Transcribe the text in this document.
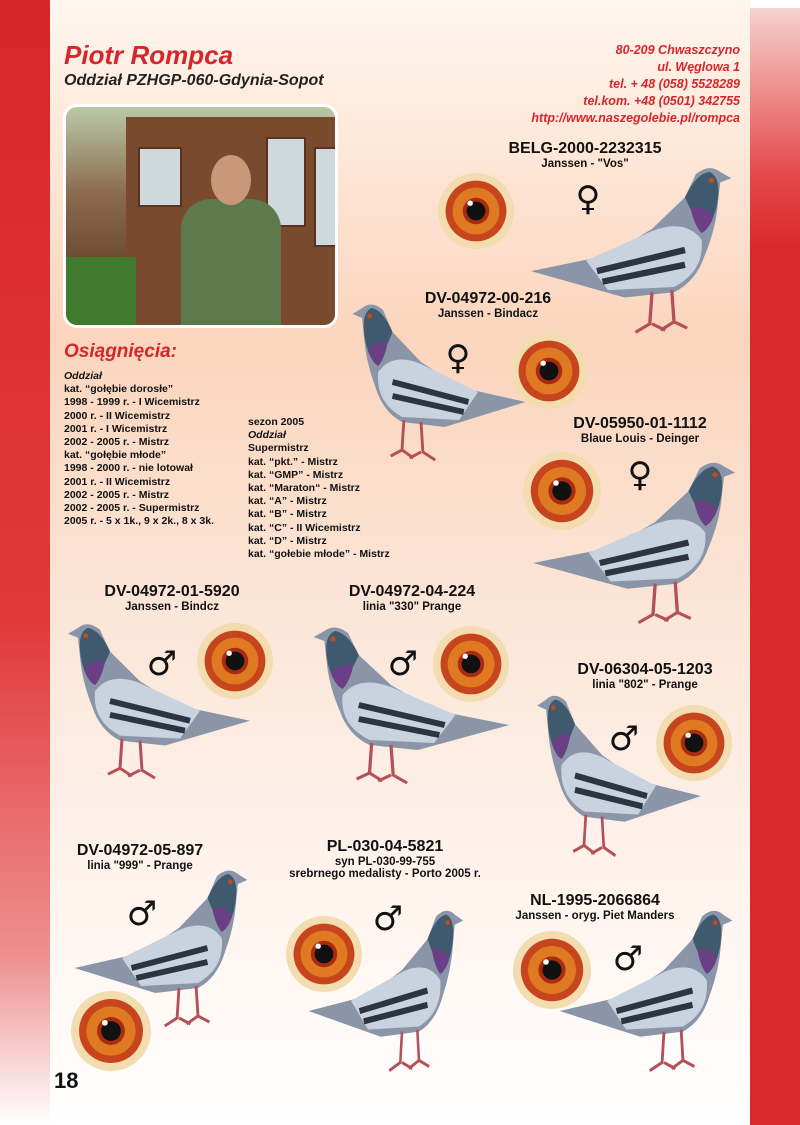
Piotr Rompca
Oddział PZHGP-060-Gdynia-Sopot
80-209 Chwaszczyno
ul. Węglowa 1
tel. + 48 (058) 5528289
tel.kom. +48 (0501) 342755
http://www.naszegolebie.pl/rompca
Osiągnięcia:
Oddział
kat. “gołębie dorosłe”
1998 - 1999 r. - I Wicemistrz
2000 r. - II Wicemistrz
2001 r. - I Wicemistrz
2002 - 2005 r. - Mistrz
kat. “gołębie młode”
1998 - 2000 r. - nie lotował
2001 r. - II Wicemistrz
2002 - 2005 r. - Mistrz
2002 - 2005 r. - Supermistrz
2005 r. - 5 x 1k., 9 x 2k., 8 x 3k.
sezon 2005
Oddział
Supermistrz
kat. “pkt.” - Mistrz
kat. “GMP” - Mistrz
kat. “Maraton“ - Mistrz
kat. “A” - Mistrz
kat. “B” - Mistrz
kat. “C” - II Wicemistrz
kat. “D” - Mistrz
kat. “gołebie młode” - Mistrz
BELG-2000-2232315
Janssen - "Vos"
DV-04972-00-216
Janssen - Bindacz
DV-05950-01-1112
Blaue Louis - Deinger
DV-04972-01-5920
Janssen - Bindcz
DV-04972-04-224
linia "330" Prange
DV-06304-05-1203
linia "802" - Prange
DV-04972-05-897
linia "999" - Prange
PL-030-04-5821
syn PL-030-99-755
srebrnego medalisty - Porto 2005 r.
NL-1995-2066864
Janssen - oryg. Piet Manders
♀
♀
♀
♂	♂
♂
♂	♂
♂
18
